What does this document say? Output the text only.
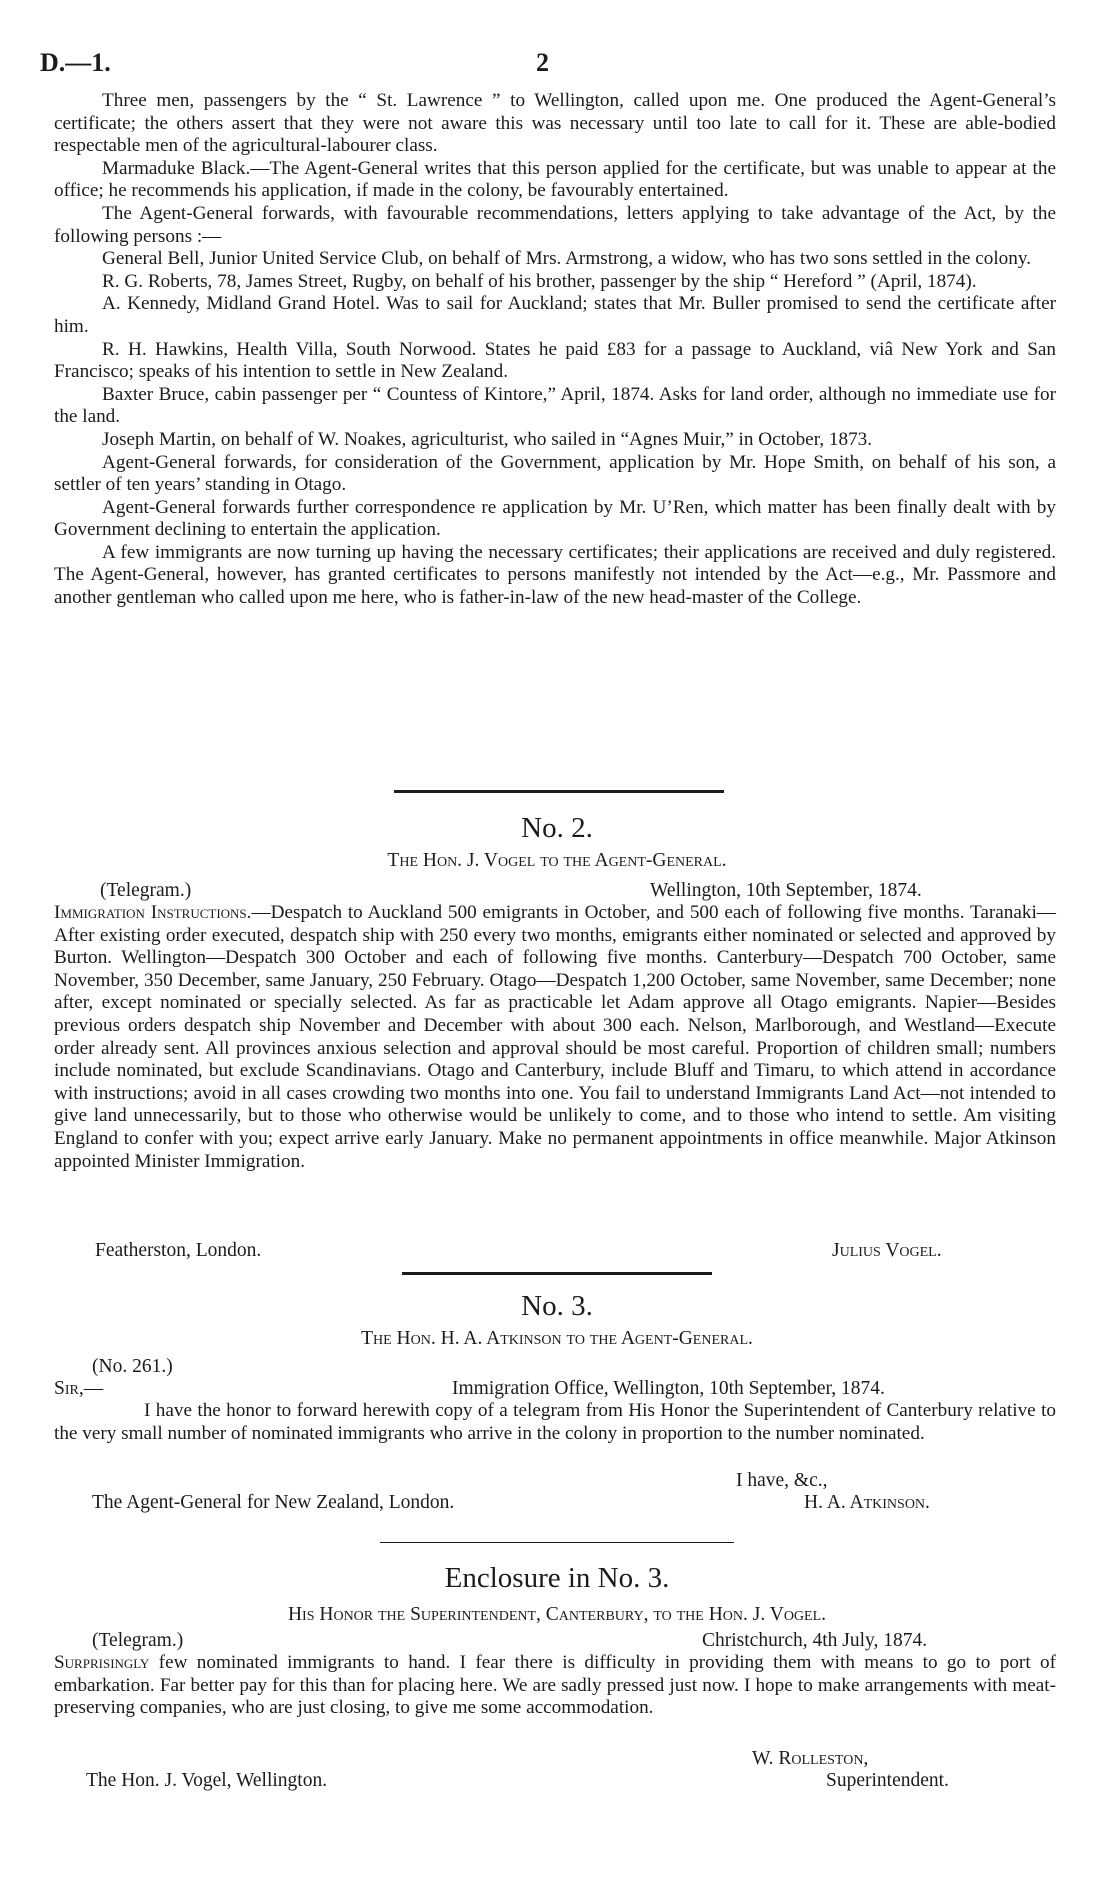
D.—1.	2

Three men, passengers by the “ St. Lawrence ” to Wellington, called upon me. One produced the Agent-General’s certificate; the others assert that they were not aware this was necessary until too late to call for it. These are able-bodied respectable men of the agricultural-labourer class.

Marmaduke Black.—The Agent-General writes that this person applied for the certificate, but was unable to appear at the office; he recommends his application, if made in the colony, be favourably entertained.

The Agent-General forwards, with favourable recommendations, letters applying to take advantage of the Act, by the following persons :—

General Bell, Junior United Service Club, on behalf of Mrs. Armstrong, a widow, who has two sons settled in the colony.

R. G. Roberts, 78, James Street, Rugby, on behalf of his brother, passenger by the ship “ Hereford ” (April, 1874).

A. Kennedy, Midland Grand Hotel. Was to sail for Auckland; states that Mr. Buller promised to send the certificate after him.

R. H. Hawkins, Health Villa, South Norwood. States he paid £83 for a passage to Auckland, viâ New York and San Francisco; speaks of his intention to settle in New Zealand.

Baxter Bruce, cabin passenger per “ Countess of Kintore,” April, 1874. Asks for land order, although no immediate use for the land.

Joseph Martin, on behalf of W. Noakes, agriculturist, who sailed in “Agnes Muir,” in October, 1873.

Agent-General forwards, for consideration of the Government, application by Mr. Hope Smith, on behalf of his son, a settler of ten years’ standing in Otago.

Agent-General forwards further correspondence re application by Mr. U’Ren, which matter has been finally dealt with by Government declining to entertain the application.

A few immigrants are now turning up having the necessary certificates; their applications are received and duly registered. The Agent-General, however, has granted certificates to persons manifestly not intended by the Act—e.g., Mr. Passmore and another gentleman who called upon me here, who is father-in-law of the new head-master of the College.

No. 2.
The Hon. J. Vogel to the Agent-General.
(Telegram.)	Wellington, 10th September, 1874.

Immigration Instructions.—Despatch to Auckland 500 emigrants in October, and 500 each of following five months. Taranaki—After existing order executed, despatch ship with 250 every two months, emigrants either nominated or selected and approved by Burton. Wellington—Despatch 300 October and each of following five months. Canterbury—Despatch 700 October, same November, 350 December, same January, 250 February. Otago—Despatch 1,200 October, same November, same December; none after, except nominated or specially selected. As far as practicable let Adam approve all Otago emigrants. Napier—Besides previous orders despatch ship November and December with about 300 each. Nelson, Marlborough, and Westland—Execute order already sent. All provinces anxious selection and approval should be most careful. Proportion of children small; numbers include nominated, but exclude Scandinavians. Otago and Canterbury, include Bluff and Timaru, to which attend in accordance with instructions; avoid in all cases crowding two months into one. You fail to understand Immigrants Land Act—not intended to give land unnecessarily, but to those who otherwise would be unlikely to come, and to those who intend to settle. Am visiting England to confer with you; expect arrive early January. Make no permanent appointments in office meanwhile. Major Atkinson appointed Minister Immigration.

Featherston, London.	Julius Vogel.
No. 3.
The Hon. H. A. Atkinson to the Agent-General.
(No. 261.)
Sir,—	Immigration Office, Wellington, 10th September, 1874.

I have the honor to forward herewith copy of a telegram from His Honor the Superintendent of Canterbury relative to the very small number of nominated immigrants who arrive in the colony in proportion to the number nominated.

I have, &c.,
The Agent-General for New Zealand, London.	H. A. Atkinson.
Enclosure in No. 3.
His Honor the Superintendent, Canterbury, to the Hon. J. Vogel.
(Telegram.)	Christchurch, 4th July, 1874.

Surprisingly few nominated immigrants to hand. I fear there is difficulty in providing them with means to go to port of embarkation. Far better pay for this than for placing here. We are sadly pressed just now. I hope to make arrangements with meat-preserving companies, who are just closing, to give me some accommodation.

W. Rolleston,
The Hon. J. Vogel, Wellington.	Superintendent.
